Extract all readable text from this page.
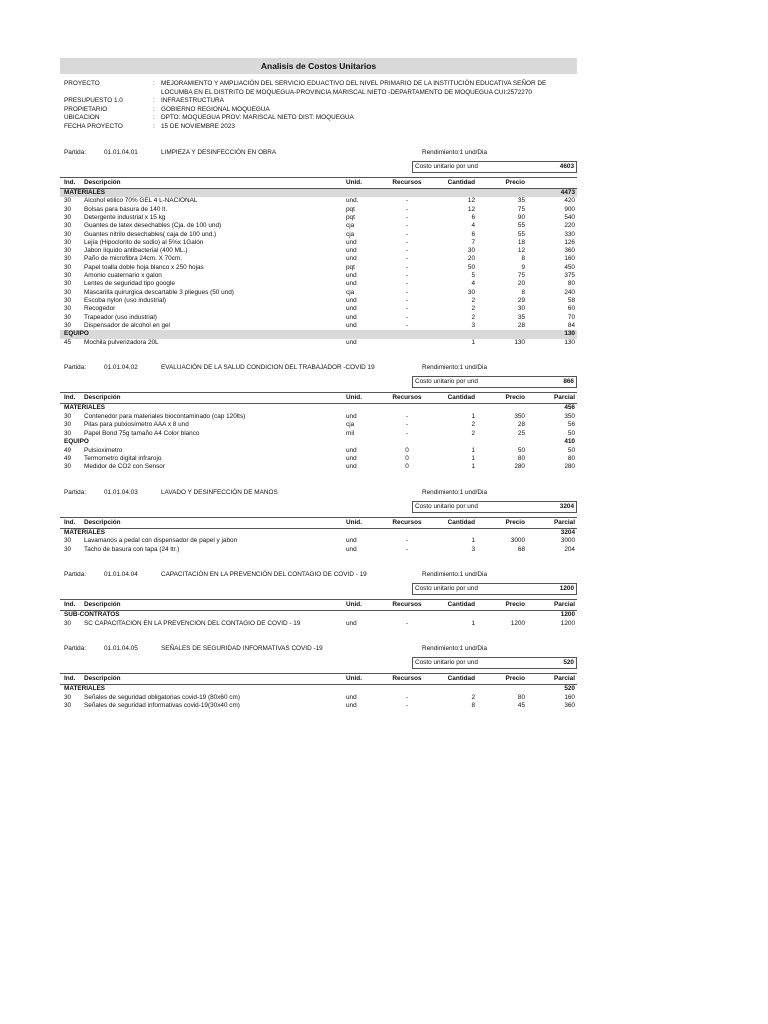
Analisis de Costos Unitarios
PROYECTO	: MEJORAMIENTO Y AMPLIACIÓN DEL SERVICIO EDUACTIVO DEL NIVEL PRIMARIO DE LA INSTITUCIÓN EDUCATIVA SEÑOR DE LOCUMBA EN EL DISTRITO DE MOQUEGUA-PROVINCIA MARISCAL NIETO -DEPARTAMENTO DE MOQUEGUA CUI:2572270
PRESUPUESTO 1.0	: INFRAESTRUCTURA
PROPIETARIO	: GOBIERNO REGIONAL MOQUEGUA
UBICACION	: DPTO: MOQUEGUA PROV: MARISCAL NIETO DIST: MOQUEGUA
FECHA PROYECTO	: 15 DE NOVIEMBRE 2023
Partida:	01.01.04.01	LIMPIEZA Y DESINFECCIÓN EN OBRA	Rendimiento:1 und/Dia
Costo unitario por und	4603
Ind.	Descripción	Unid.	Recursos	Cantidad	Precio
MATERIALES	4473
30	Alcohol etilico 70% GEL 4 L-NACIONAL	und.	-	12	35	420
30	Bolsas para basura de 140 lt.	pqt	-	12	75	900
30	Detergente industrial x 15 kg	pqt	-	6	90	540
30	Guantes de latex desechables (Cja. de 100 und)	cja	-	4	55	220
30	Guantes nitrilo desechables( caja de 100 und.)	cja	-	6	55	330
30	Lejía (Hipoclorito de sodio) al 5%x 1Galón	und	-	7	18	126
30	Jabon líquido antibacterial (400 ML.)	und	-	30	12	360
30	Paño de microfibra 24cm. X 70cm.	und	-	20	8	160
30	Papel toalla doble hoja blanco x 250 hojas	pqt	-	50	9	450
30	Amonio cuaternario x galon	und	-	5	75	375
30	Lentes de seguridad tipo google	und	-	4	20	80
30	Mascarilla quirurgica descartable 3 pliegues (50 und)	cja	-	30	8	240
30	Escoba nylon (uso industrial)	und	-	2	29	58
30	Recogedor	und	-	2	30	60
30	Trapeador (uso industrial)	und	-	2	35	70
30	Dispensador de alcohol en gel	und	-	3	28	84
EQUIPO	130
45	Mochila pulverizadora 20L	und	1	130	130
Partida:	01.01.04.02	EVALUACIÓN DE LA SALUD CONDICION DEL TRABAJADOR -COVID 19	Rendimiento:1 und/Dia
Costo unitario por und	866
Ind.	Descripción	Unid.	Recursos	Cantidad	Precio	Parcial
MATERIALES	456
30	Contenedor para materiales biocontaminado (cap 120lts)	und	-	1	350	350
30	Pilas para pulxiosímetro AAA x 8 und	cja	-	2	28	56
30	Papel Bond 75g tamaño A4 Color blanco	mil	-	2	25	50
EQUIPO	410
49	Pulsioximetro	und	0	1	50	50
49	Termometro digital infrarojo	und	0	1	80	80
30	Medidor de CO2 con Sensor	und	0	1	280	280
Partida:	01.01.04.03	LAVADO Y DESINFECCIÓN DE MANOS	Rendimiento:1 und/Dia
Costo unitario por und	3204
Ind.	Descripción	Unid.	Recursos	Cantidad	Precio	Parcial
MATERIALES	3204
30	Lavamanos a pedal con dispensador de papel y jabon	und	-	1	3000	3000
30	Tacho de basura con tapa (24 ltr.)	und	-	3	68	204
Partida:	01.01.04.04	CAPACITACIÓN EN LA PREVENCIÓN DEL CONTAGIO DE COVID - 19	Rendimiento:1 und/Dia
Costo unitario por und	1200
Ind.	Descripción	Unid.	Recursos	Cantidad	Precio	Parcial
SUB-CONTRATOS	1200
30	SC CAPACITACIÓN EN LA PREVENCIÓN DEL CONTAGIO DE COVID - 19	und	-	1	1200	1200
Partida:	01.01.04.05	SEÑALES DE SEGURIDAD INFORMATIVAS COVID -19	Rendimiento:1 und/Dia
Costo unitario por und	520
Ind.	Descripción	Unid.	Recursos	Cantidad	Precio	Parcial
MATERIALES	520
30	Señales de seguridad obligatorias covid-19 (80x60 cm)	und	-	2	80	160
30	Señales de seguridad informativas covid-19(30x40 cm)	und	-	8	45	360
